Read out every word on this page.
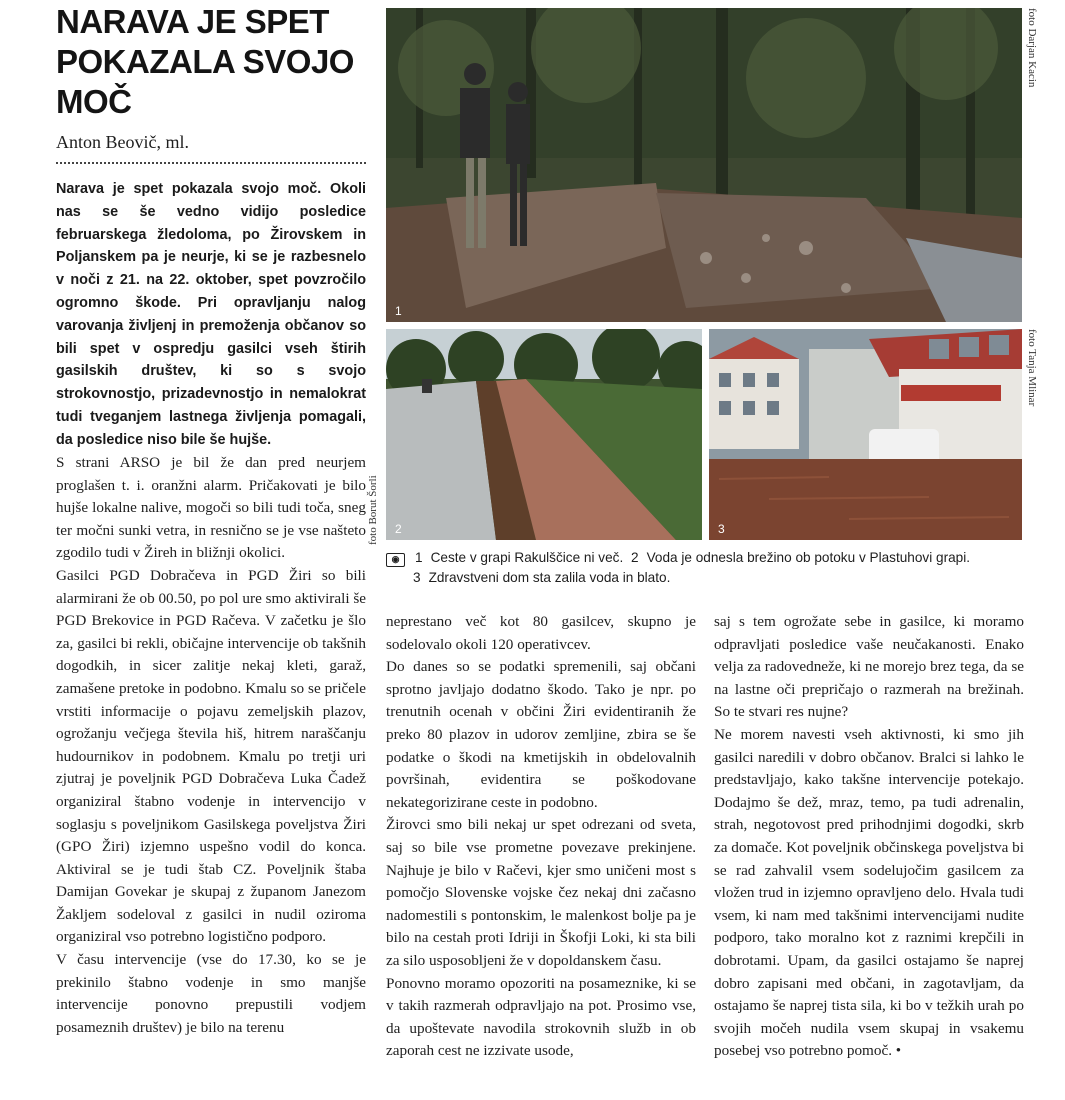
NARAVA JE SPET POKAZALA SVOJO MOČ
Anton Beovič, ml.
Narava je spet pokazala svojo moč. Okoli nas se še vedno vidijo posledice februarskega žledoloma, po Žirovskem in Poljanskem pa je neurje, ki se je razbesnelo v noči z 21. na 22. oktober, spet povzročilo ogromno škode. Pri opravljanju nalog varovanja življenj in premoženja občanov so bili spet v ospredju gasilci vseh štirih gasilskih društev, ki so s svojo strokovnostjo, prizadevnostjo in nemalokrat tudi tveganjem lastnega življenja pomagali, da posledice niso bile še hujše.
1
2	3
foto Darjan Kacin
foto Tanja Mlinar
foto Borut Šorli
◉ 1 Ceste v grapi Rakulščice ni več. 2 Voda je odnesla brežino ob potoku v Plastuhovi grapi.
3 Zdravstveni dom sta zalila voda in blato.

S strani ARSO je bil že dan pred neurjem proglašen t. i. oranžni alarm. Pričakovati je bilo hujše lokalne nalive, mogoči so bili tudi toča, sneg ter močni sunki vetra, in resnično se je vse našteto zgodilo tudi v Žireh in bližnji okolici.

Gasilci PGD Dobračeva in PGD Žiri so bili alarmirani že ob 00.50, po pol ure smo aktivirali še PGD Brekovice in PGD Račeva. V začetku je šlo za, gasilci bi rekli, običajne intervencije ob takšnih dogodkih, in sicer zalitje nekaj kleti, garaž, zamašene pretoke in podobno. Kmalu so se pričele vrstiti informacije o pojavu zemeljskih plazov, ogrožanju večjega števila hiš, hitrem naraščanju hudournikov in podobnem. Kmalu po tretji uri zjutraj je poveljnik PGD Dobračeva Luka Čadež organiziral štabno vodenje in intervencijo v soglasju s poveljnikom Gasilskega poveljstva Žiri (GPO Žiri) izjemno uspešno vodil do konca. Aktiviral se je tudi štab CZ. Poveljnik štaba Damijan Govekar je skupaj z županom Janezom Žakljem sodeloval z gasilci in nudil oziroma organiziral vso potrebno logistično podporo.

V času intervencije (vse do 17.30, ko se je prekinilo štabno vodenje in smo manjše intervencije ponovno prepustili vodjem posameznih društev) je bilo na terenu

neprestano več kot 80 gasilcev, skupno je sodelovalo okoli 120 operativcev.

Do danes so se podatki spremenili, saj občani sprotno javljajo dodatno škodo. Tako je npr. po trenutnih ocenah v občini Žiri evidentiranih že preko 80 plazov in udorov zemljine, zbira se še podatke o škodi na kmetijskih in obdelovalnih površinah, evidentira se poškodovane nekategorizirane ceste in podobno.

Žirovci smo bili nekaj ur spet odrezani od sveta, saj so bile vse prometne povezave prekinjene. Najhuje je bilo v Račevi, kjer smo uničeni most s pomočjo Slovenske vojske čez nekaj dni začasno nadomestili s pontonskim, le malenkost bolje pa je bilo na cestah proti Idriji in Škofji Loki, ki sta bili za silo usposobljeni že v dopoldanskem času.

Ponovno moramo opozoriti na posameznike, ki se v takih razmerah odpravljajo na pot. Prosimo vse, da upoštevate navodila strokovnih služb in ob zaporah cest ne izzivate usode,

saj s tem ogrožate sebe in gasilce, ki moramo odpravljati posledice vaše neučakanosti. Enako velja za radovedneže, ki ne morejo brez tega, da se na lastne oči prepričajo o razmerah na brežinah. So te stvari res nujne?

Ne morem navesti vseh aktivnosti, ki smo jih gasilci naredili v dobro občanov. Bralci si lahko le predstavljajo, kako takšne intervencije potekajo. Dodajmo še dež, mraz, temo, pa tudi adrenalin, strah, negotovost pred prihodnjimi dogodki, skrb za domače. Kot poveljnik občinskega poveljstva bi se rad zahvalil vsem sodelujočim gasilcem za vložen trud in izjemno opravljeno delo. Hvala tudi vsem, ki nam med takšnimi intervencijami nudite podporo, tako moralno kot z raznimi krepčili in dobrotami. Upam, da gasilci ostajamo še naprej dobro zapisani med občani, in zagotavljam, da ostajamo še naprej tista sila, ki bo v težkih urah po svojih močeh nudila vsem skupaj in vsakemu posebej vso potrebno pomoč. •
